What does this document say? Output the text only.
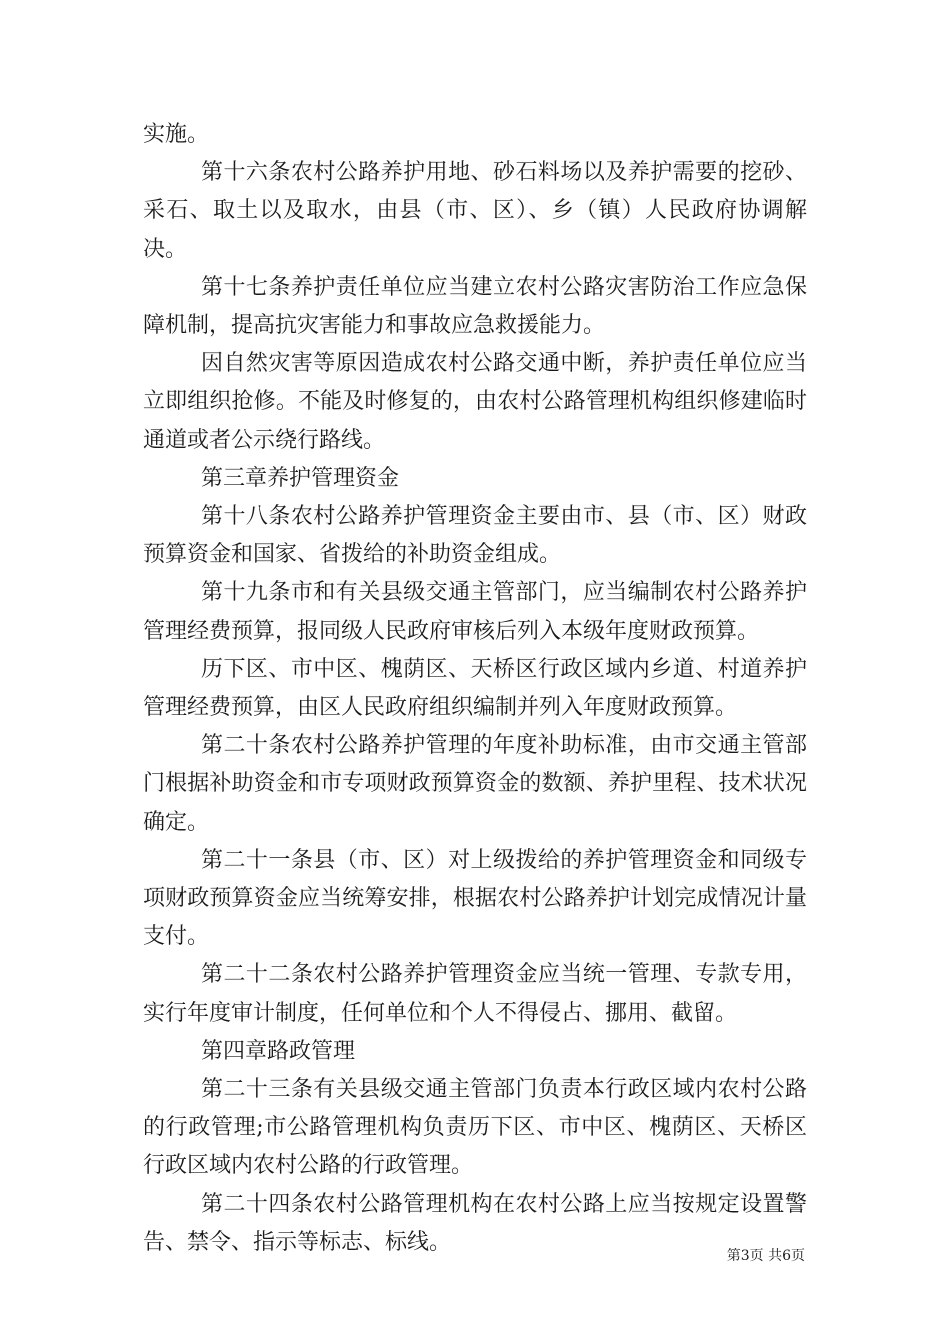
实施。

第十六条农村公路养护用地、砂石料场以及养护需要的挖砂、采石、取土以及取水，由县（市、区）、乡（镇）人民政府协调解决。

第十七条养护责任单位应当建立农村公路灾害防治工作应急保障机制，提高抗灾害能力和事故应急救援能力。

因自然灾害等原因造成农村公路交通中断，养护责任单位应当立即组织抢修。不能及时修复的，由农村公路管理机构组织修建临时通道或者公示绕行路线。

第三章养护管理资金

第十八条农村公路养护管理资金主要由市、县（市、区）财政预算资金和国家、省拨给的补助资金组成。

第十九条市和有关县级交通主管部门，应当编制农村公路养护管理经费预算，报同级人民政府审核后列入本级年度财政预算。

历下区、市中区、槐荫区、天桥区行政区域内乡道、村道养护管理经费预算，由区人民政府组织编制并列入年度财政预算。

第二十条农村公路养护管理的年度补助标准，由市交通主管部门根据补助资金和市专项财政预算资金的数额、养护里程、技术状况确定。

第二十一条县（市、区）对上级拨给的养护管理资金和同级专项财政预算资金应当统筹安排，根据农村公路养护计划完成情况计量支付。

第二十二条农村公路养护管理资金应当统一管理、专款专用，实行年度审计制度，任何单位和个人不得侵占、挪用、截留。

第四章路政管理

第二十三条有关县级交通主管部门负责本行政区域内农村公路的行政管理;市公路管理机构负责历下区、市中区、槐荫区、天桥区行政区域内农村公路的行政管理。

第二十四条农村公路管理机构在农村公路上应当按规定设置警告、禁令、指示等标志、标线。

第3页 共6页
